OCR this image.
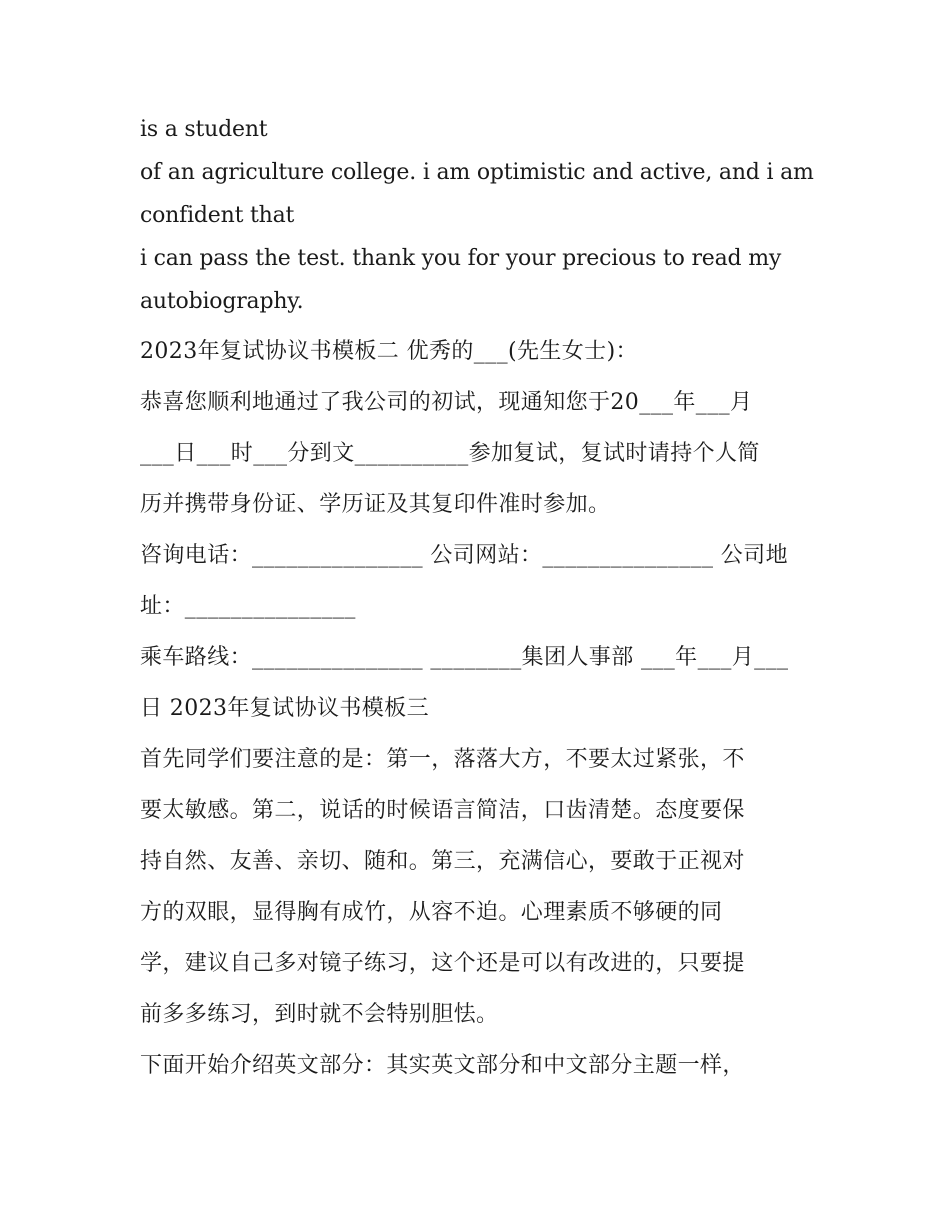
is a student

of an agriculture college. i am optimistic and active, and i am

confident that

i can pass the test. thank you for your precious to read my

autobiography.

2023年复试协议书模板二 优秀的___(先生女士)：

恭喜您顺利地通过了我公司的初试，现通知您于20___年___月

___日___时___分到文__________参加复试，复试时请持个人简

历并携带身份证、学历证及其复印件准时参加。

咨询电话：_______________ 公司网站：_______________ 公司地

址：_______________

乘车路线：_______________ ________集团人事部 ___年___月___

日 2023年复试协议书模板三

首先同学们要注意的是：第一，落落大方，不要太过紧张，不

要太敏感。第二，说话的时候语言简洁，口齿清楚。态度要保

持自然、友善、亲切、随和。第三，充满信心，要敢于正视对

方的双眼，显得胸有成竹，从容不迫。心理素质不够硬的同

学，建议自己多对镜子练习，这个还是可以有改进的，只要提

前多多练习，到时就不会特别胆怯。

下面开始介绍英文部分：其实英文部分和中文部分主题一样，
